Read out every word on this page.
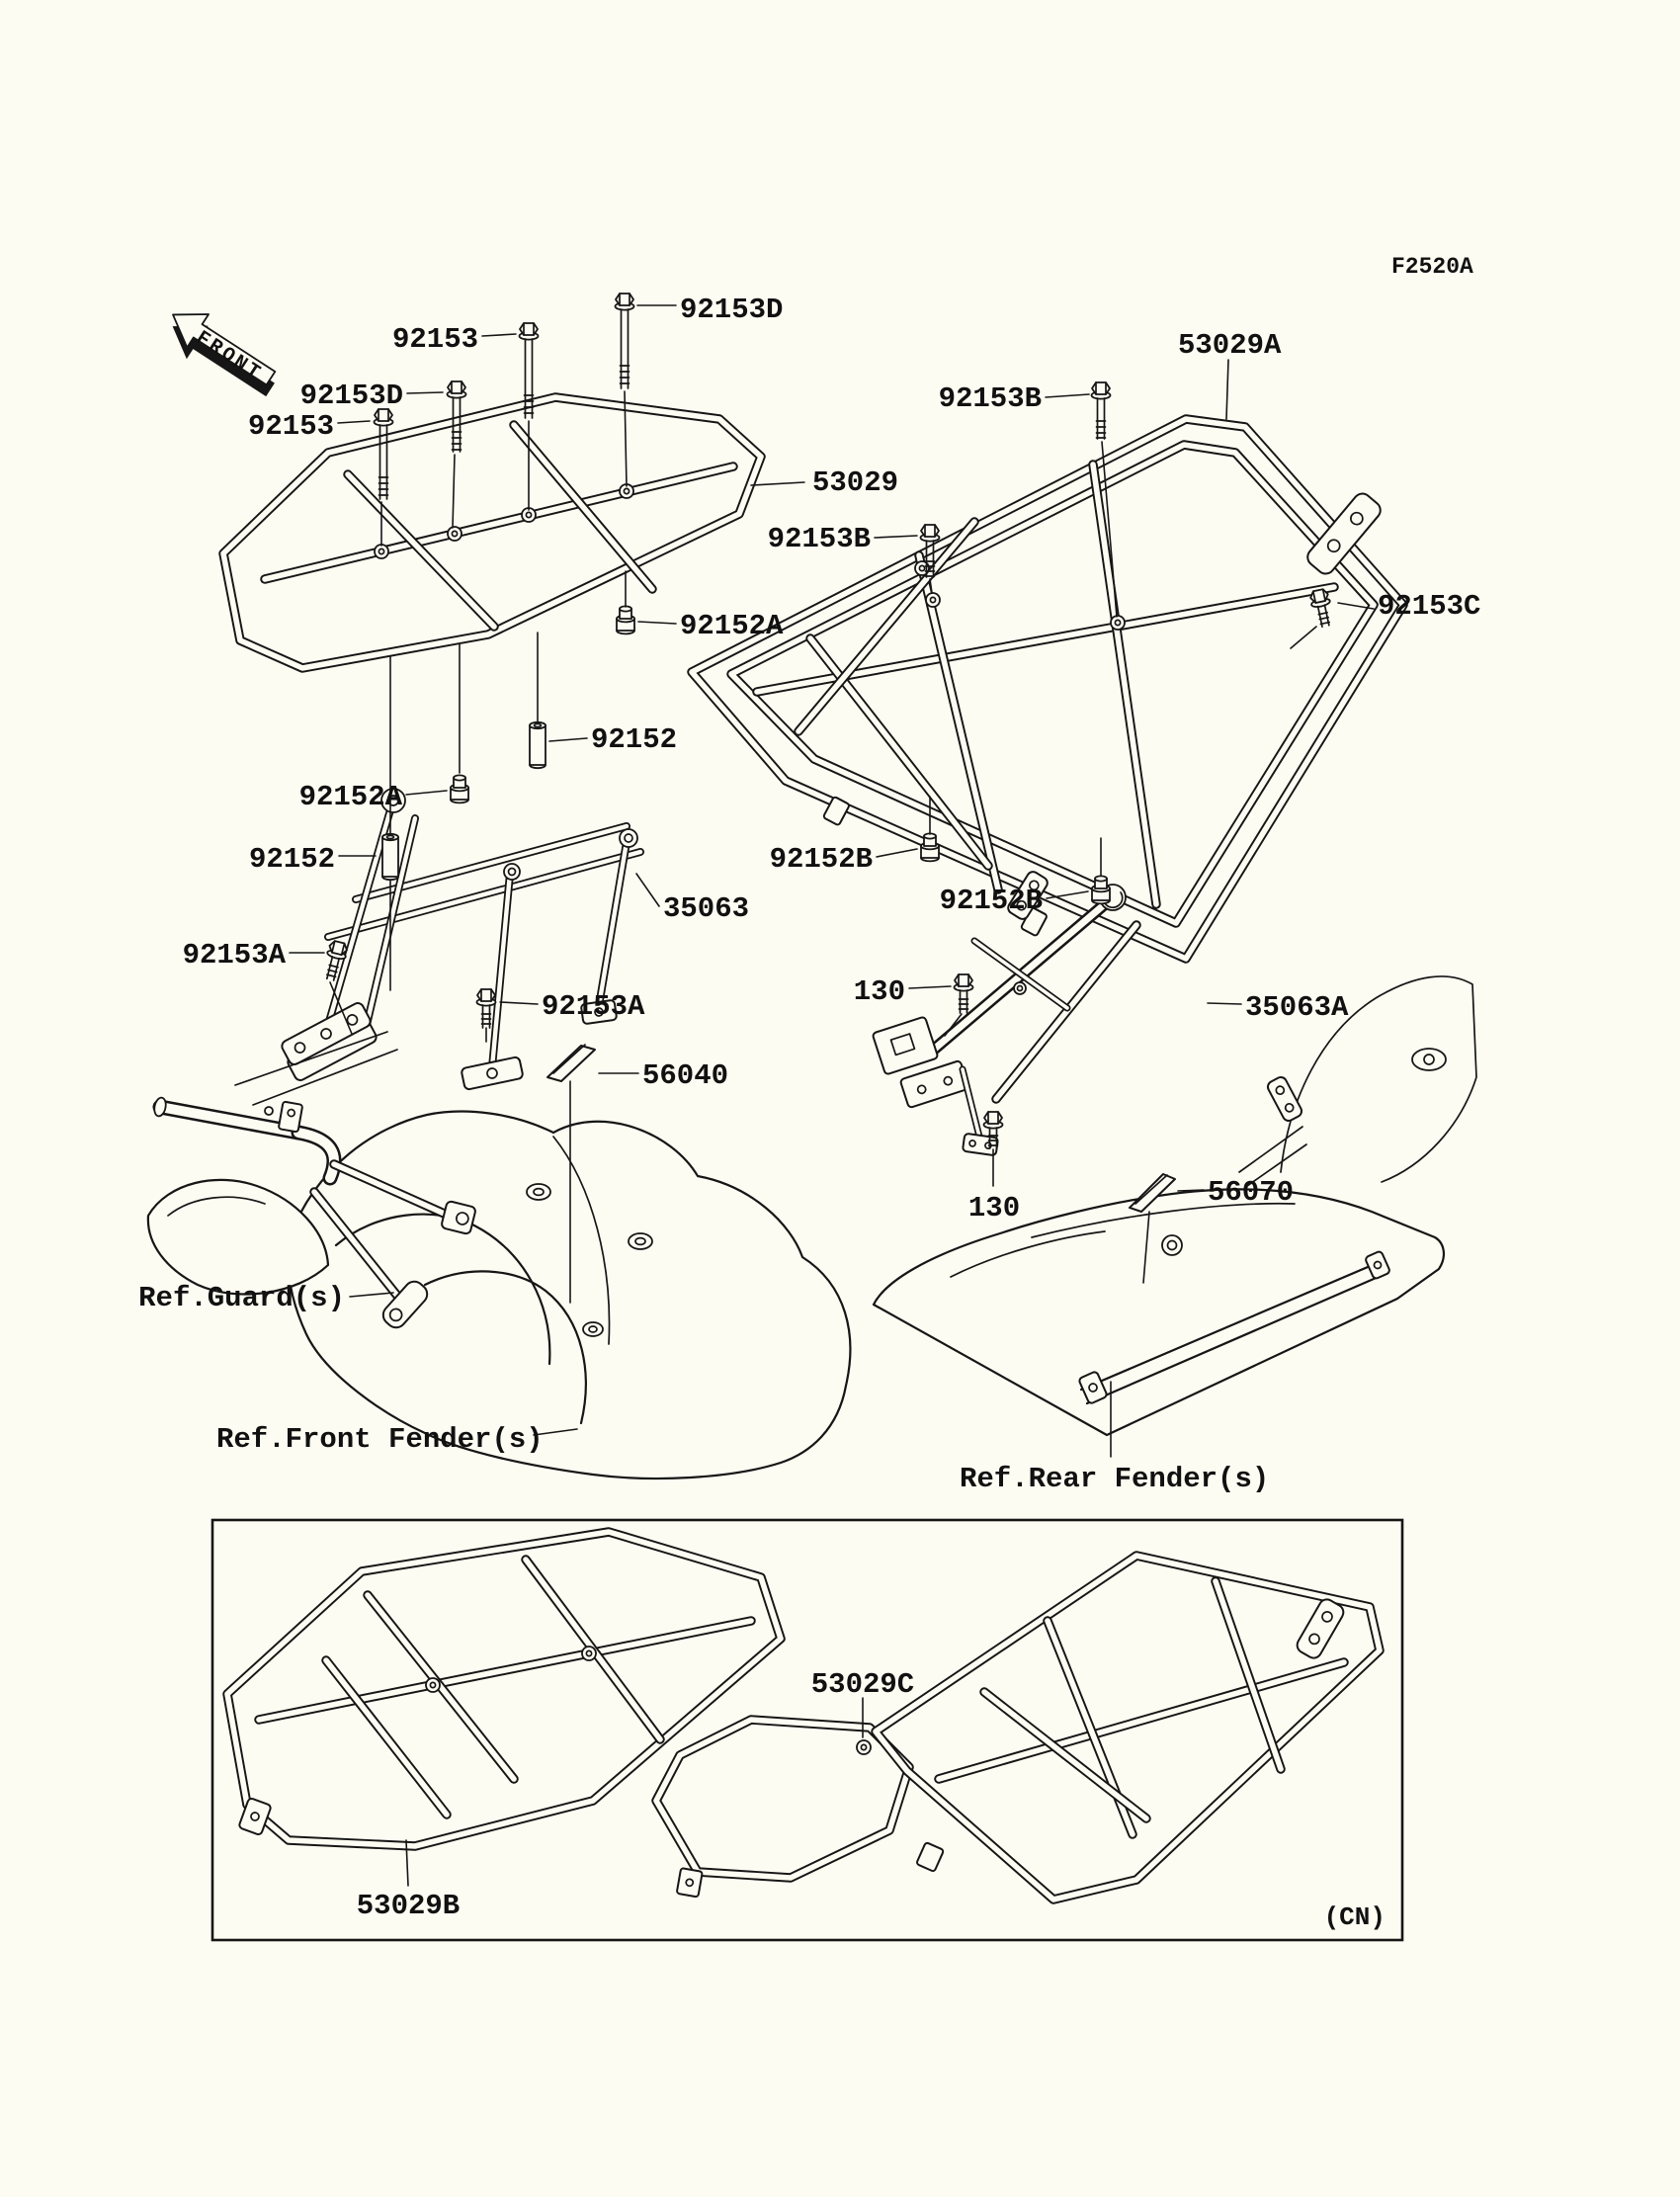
FRONT
F2520A
92153D
92153
92153D
92153
53029
53029A
92153B
92153B
92152A
92152
92152A
92152
35063
92153A
92153A
92152B
92152B
130	35063A
56040
56070
130
92153C
Ref.Guard(s)
Ref.Front Fender(s)
Ref.Rear Fender(s)
53029C
53029B	(CN)
